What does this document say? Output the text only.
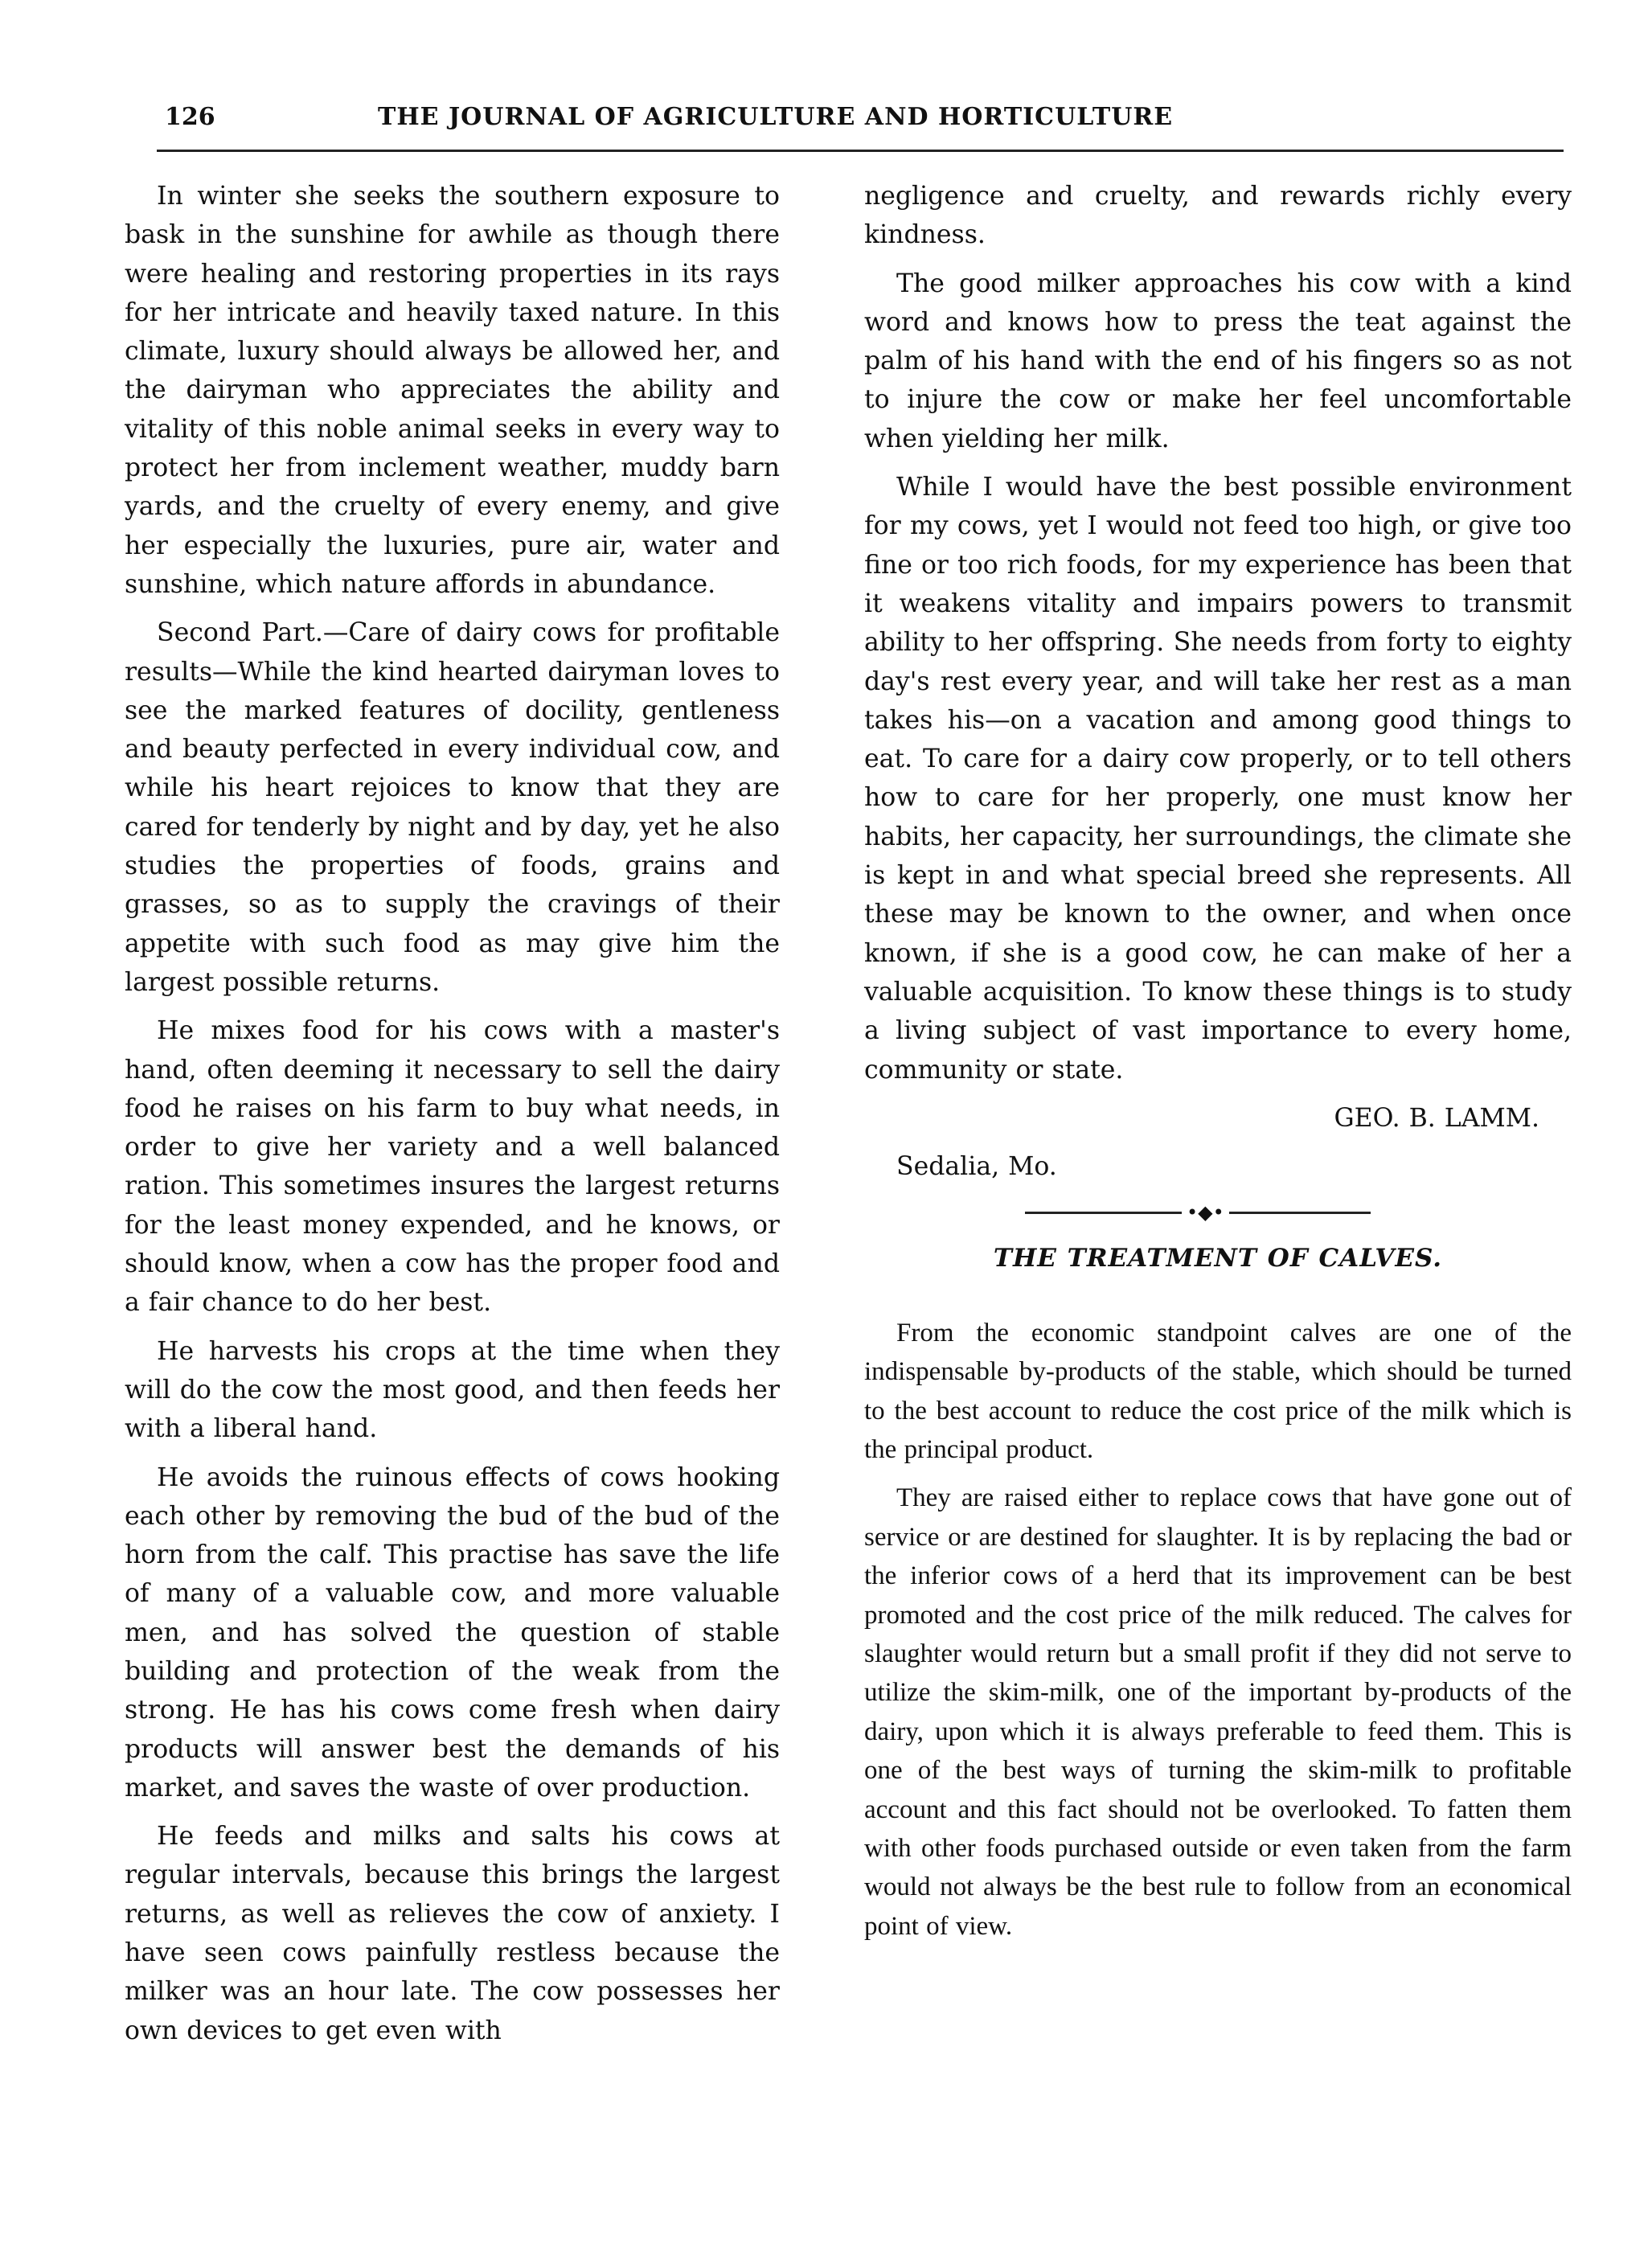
126	THE JOURNAL OF AGRICULTURE AND HORTICULTURE

In winter she seeks the southern exposure to bask in the sunshine for awhile as though there were healing and restoring properties in its rays for her intricate and heavily taxed nature. In this climate, luxury should always be allowed her, and the dairyman who appreciates the ability and vitality of this noble animal seeks in every way to protect her from inclement weather, muddy barn yards, and the cruelty of every enemy, and give her especially the luxuries, pure air, water and sunshine, which nature affords in abundance.

Second Part.—Care of dairy cows for profitable results—While the kind hearted dairyman loves to see the marked features of docility, gentleness and beauty perfected in every individual cow, and while his heart rejoices to know that they are cared for tenderly by night and by day, yet he also studies the properties of foods, grains and grasses, so as to supply the cravings of their appetite with such food as may give him the largest possible returns.

He mixes food for his cows with a master's hand, often deeming it necessary to sell the dairy food he raises on his farm to buy what needs, in order to give her variety and a well balanced ration. This sometimes insures the largest returns for the least money expended, and he knows, or should know, when a cow has the proper food and a fair chance to do her best.

He harvests his crops at the time when they will do the cow the most good, and then feeds her with a liberal hand.

He avoids the ruinous effects of cows hooking each other by removing the bud of the bud of the horn from the calf. This practise has save the life of many of a valuable cow, and more valuable men, and has solved the question of stable building and protection of the weak from the strong. He has his cows come fresh when dairy products will answer best the demands of his market, and saves the waste of over production.

He feeds and milks and salts his cows at regular intervals, because this brings the largest returns, as well as relieves the cow of anxiety. I have seen cows painfully restless because the milker was an hour late. The cow possesses her own devices to get even with

negligence and cruelty, and rewards richly every kindness.

The good milker approaches his cow with a kind word and knows how to press the teat against the palm of his hand with the end of his fingers so as not to injure the cow or make her feel uncomfortable when yielding her milk.

While I would have the best possible environment for my cows, yet I would not feed too high, or give too fine or too rich foods, for my experience has been that it weakens vitality and impairs powers to transmit ability to her offspring. She needs from forty to eighty day's rest every year, and will take her rest as a man takes his—on a vacation and among good things to eat. To care for a dairy cow properly, or to tell others how to care for her properly, one must know her habits, her capacity, her surroundings, the climate she is kept in and what special breed she represents. All these may be known to the owner, and when once known, if she is a good cow, he can make of her a valuable acquisition. To know these things is to study a living subject of vast importance to every home, community or state.

GEO. B. LAMM.

Sedalia, Mo.

•◆•
THE TREATMENT OF CALVES.

From the economic standpoint calves are one of the indispensable by-products of the stable, which should be turned to the best account to reduce the cost price of the milk which is the principal product.

They are raised either to replace cows that have gone out of service or are destined for slaughter. It is by replacing the bad or the inferior cows of a herd that its improvement can be best promoted and the cost price of the milk reduced. The calves for slaughter would return but a small profit if they did not serve to utilize the skim-milk, one of the important by-products of the dairy, upon which it is always preferable to feed them. This is one of the best ways of turning the skim-milk to profitable account and this fact should not be overlooked. To fatten them with other foods purchased outside or even taken from the farm would not always be the best rule to follow from an economical point of view.
